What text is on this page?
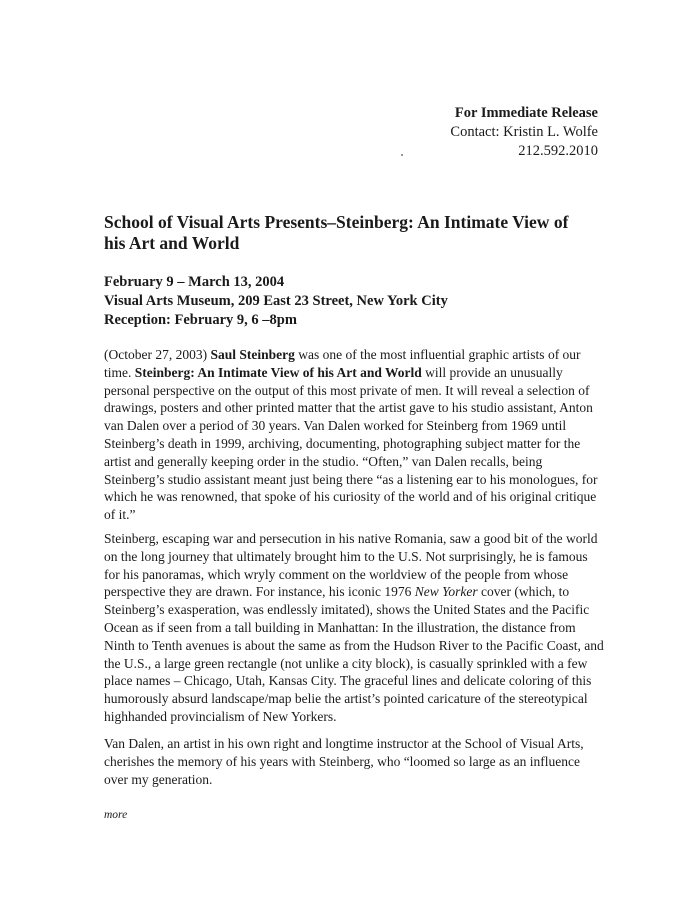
For Immediate Release
Contact: Kristin L. Wolfe
212.592.2010
School of Visual Arts Presents–Steinberg: An Intimate View of his Art and World
February 9 – March 13, 2004
Visual Arts Museum, 209 East 23 Street, New York City
Reception: February 9, 6 –8pm

(October 27, 2003) Saul Steinberg was one of the most influential graphic artists of our time. Steinberg: An Intimate View of his Art and World will provide an unusually personal perspective on the output of this most private of men. It will reveal a selection of drawings, posters and other printed matter that the artist gave to his studio assistant, Anton van Dalen over a period of 30 years. Van Dalen worked for Steinberg from 1969 until Steinberg’s death in 1999, archiving, documenting, photographing subject matter for the artist and generally keeping order in the studio. “Often,” van Dalen recalls, being Steinberg’s studio assistant meant just being there “as a listening ear to his monologues, for which he was renowned, that spoke of his curiosity of the world and of his original critique of it.”

Steinberg, escaping war and persecution in his native Romania, saw a good bit of the world on the long journey that ultimately brought him to the U.S. Not surprisingly, he is famous for his panoramas, which wryly comment on the worldview of the people from whose perspective they are drawn. For instance, his iconic 1976 New Yorker cover (which, to Steinberg’s exasperation, was endlessly imitated), shows the United States and the Pacific Ocean as if seen from a tall building in Manhattan: In the illustration, the distance from Ninth to Tenth avenues is about the same as from the Hudson River to the Pacific Coast, and the U.S., a large green rectangle (not unlike a city block), is casually sprinkled with a few place names – Chicago, Utah, Kansas City. The graceful lines and delicate coloring of this humorously absurd landscape/map belie the artist’s pointed caricature of the stereotypical highhanded provincialism of New Yorkers.

Van Dalen, an artist in his own right and longtime instructor at the School of Visual Arts, cherishes the memory of his years with Steinberg, who “loomed so large as an influence over my generation.

more
